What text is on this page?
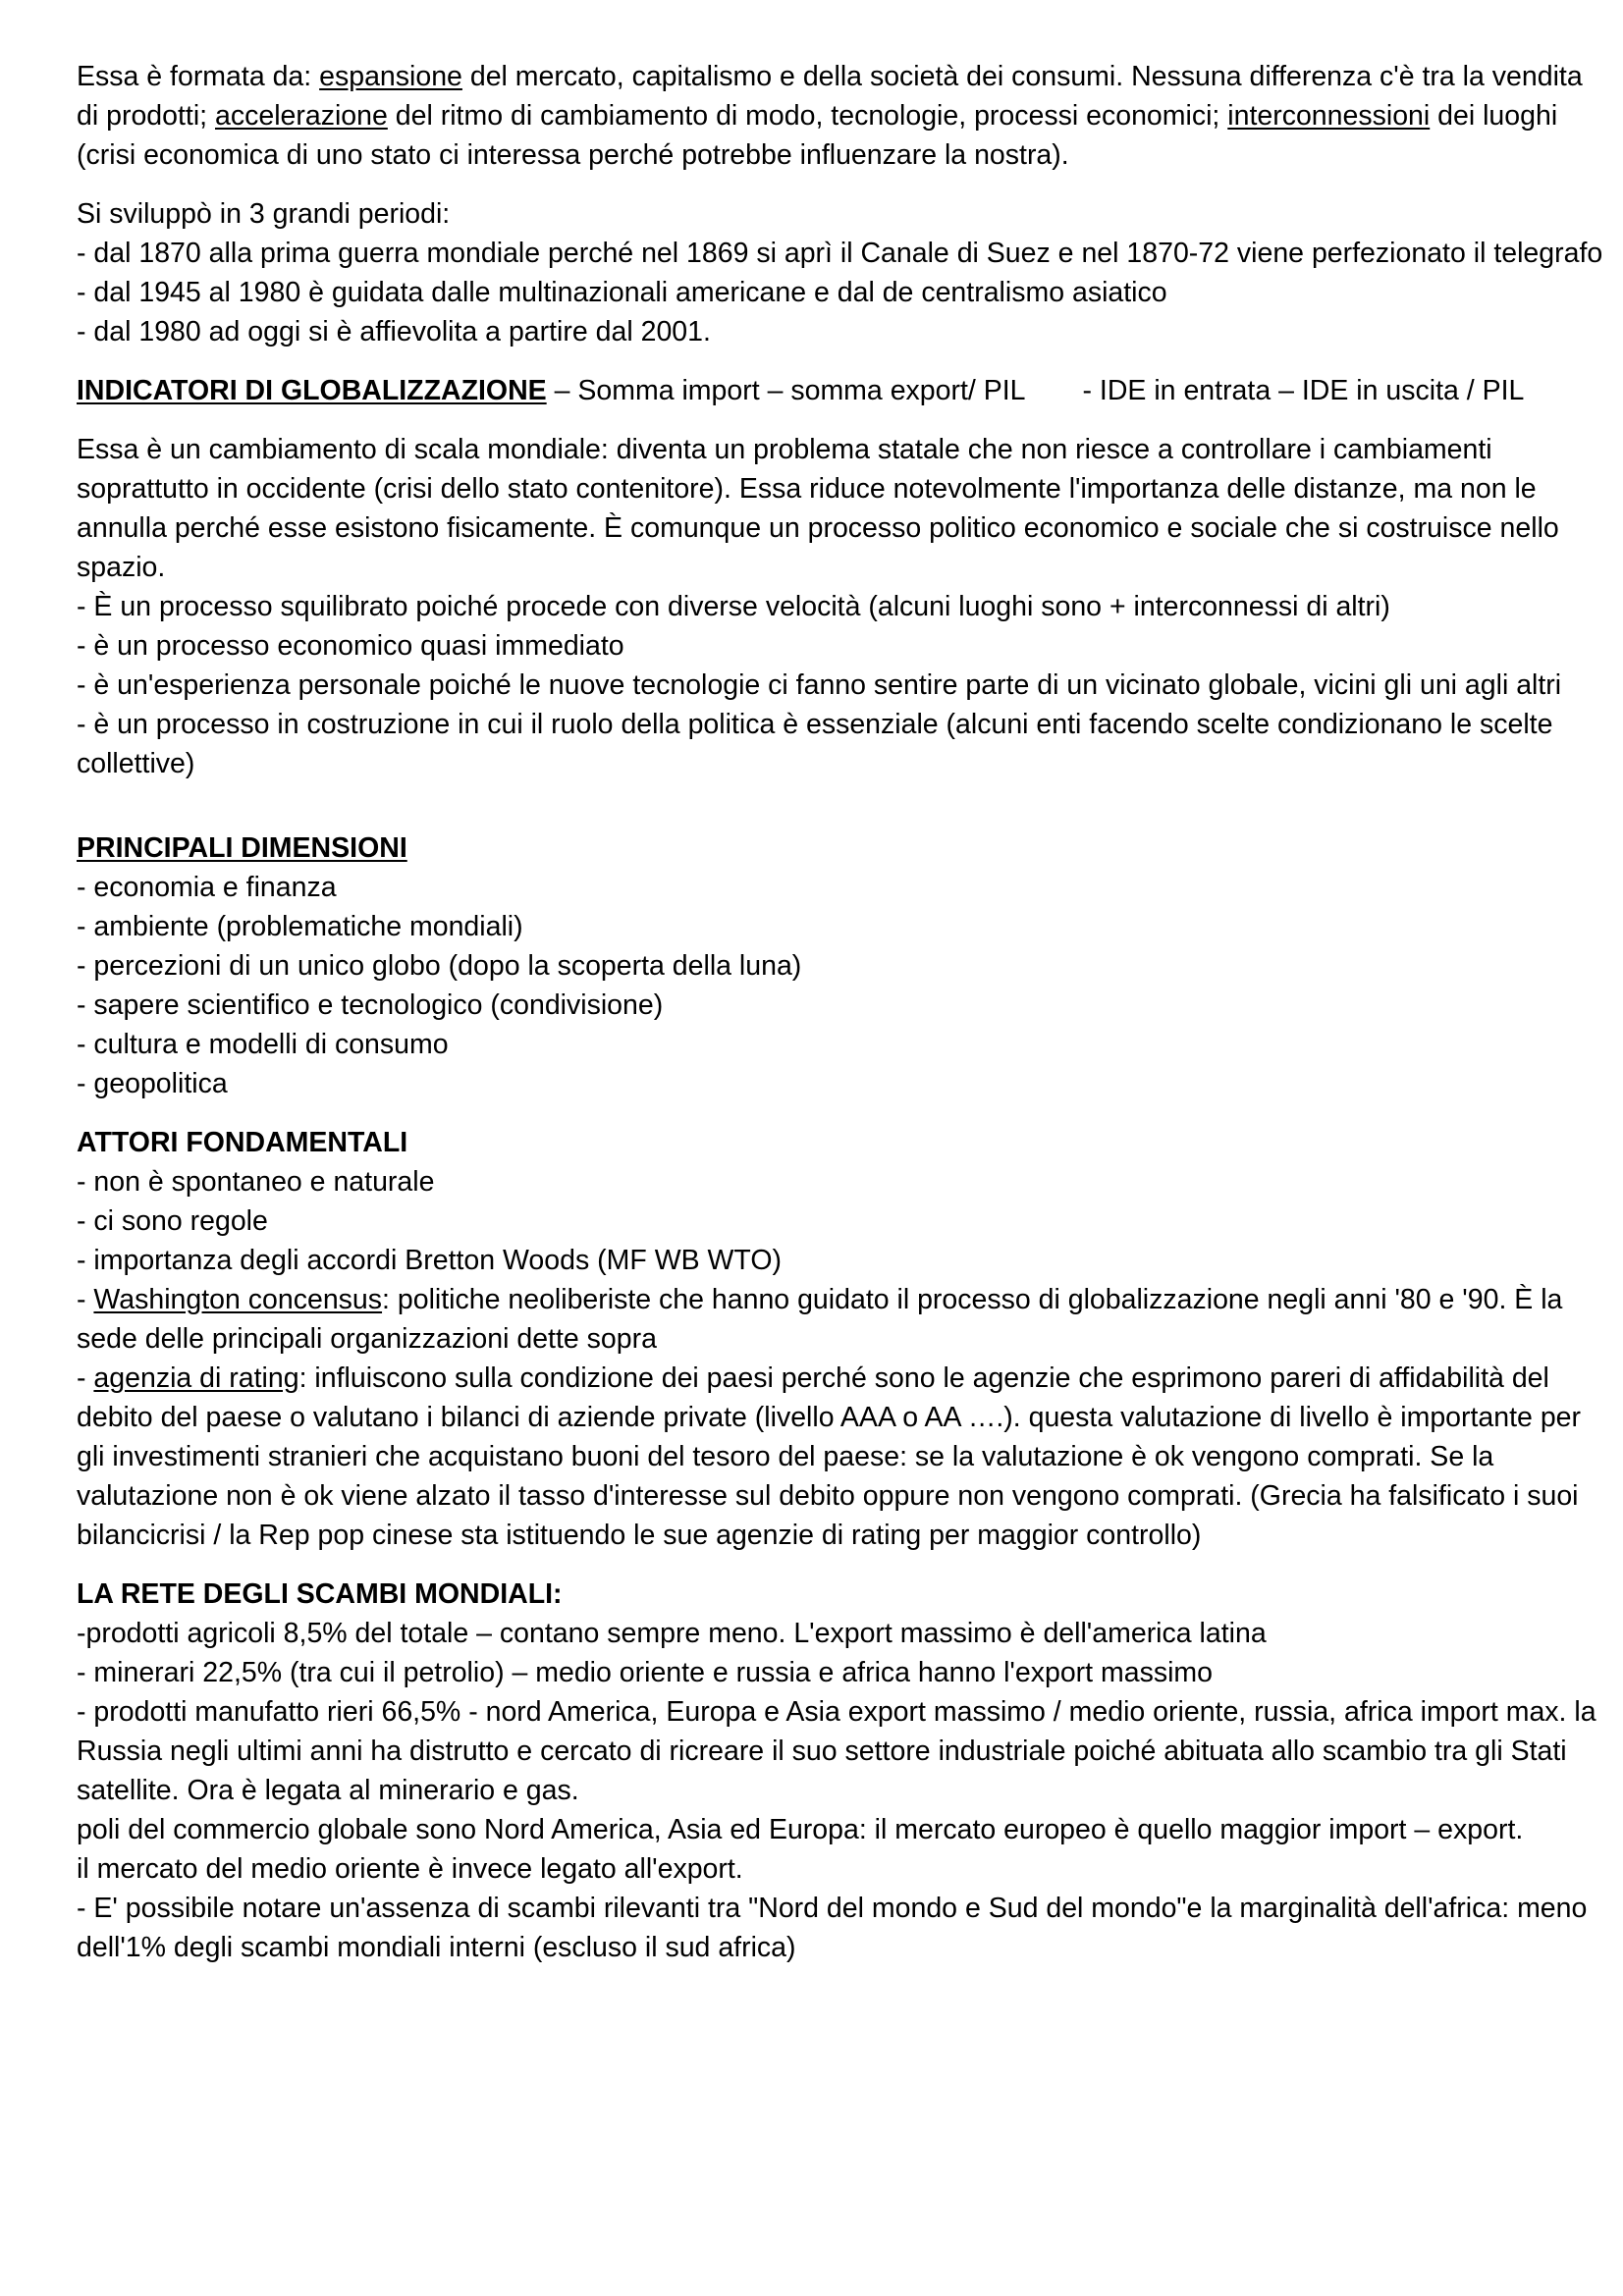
Essa è formata da: espansione del mercato, capitalismo e della società dei consumi. Nessuna differenza c'è tra la vendita di prodotti; accelerazione del ritmo di cambiamento di modo, tecnologie, processi economici; interconnessioni dei luoghi (crisi economica di uno stato ci interessa perché potrebbe influenzare la nostra).

Si sviluppò in 3 grandi periodi:

- dal 1870 alla prima guerra mondiale perché nel 1869 si aprì il Canale di Suez e nel 1870-72 viene perfezionato il telegrafo

- dal 1945 al 1980 è guidata dalle multinazionali americane e dal de centralismo asiatico

- dal 1980 ad oggi si è affievolita a partire dal 2001.

INDICATORI DI GLOBALIZZAZIONE – Somma import – somma export/ PIL - IDE in entrata – IDE in uscita / PIL

Essa è un cambiamento di scala mondiale: diventa un problema statale che non riesce a controllare i cambiamenti soprattutto in occidente (crisi dello stato contenitore). Essa riduce notevolmente l'importanza delle distanze, ma non le annulla perché esse esistono fisicamente. È comunque un processo politico economico e sociale che si costruisce nello spazio.

- È un processo squilibrato poiché procede con diverse velocità (alcuni luoghi sono + interconnessi di altri)

- è un processo economico quasi immediato

- è un'esperienza personale poiché le nuove tecnologie ci fanno sentire parte di un vicinato globale, vicini gli uni agli altri

- è un processo in costruzione in cui il ruolo della politica è essenziale (alcuni enti facendo scelte condizionano le scelte collettive)

PRINCIPALI DIMENSIONI

- economia e finanza

- ambiente (problematiche mondiali)

- percezioni di un unico globo (dopo la scoperta della luna)

- sapere scientifico e tecnologico (condivisione)

- cultura e modelli di consumo

- geopolitica

ATTORI FONDAMENTALI

- non è spontaneo e naturale

- ci sono regole

- importanza degli accordi Bretton Woods (MF WB WTO)

- Washington concensus: politiche neoliberiste che hanno guidato il processo di globalizzazione negli anni '80 e '90. È la sede delle principali organizzazioni dette sopra

- agenzia di rating: influiscono sulla condizione dei paesi perché sono le agenzie che esprimono pareri di affidabilità del debito del paese o valutano i bilanci di aziende private (livello AAA o AA ….). questa valutazione di livello è importante per gli investimenti stranieri che acquistano buoni del tesoro del paese: se la valutazione è ok vengono comprati. Se la valutazione non è ok viene alzato il tasso d'interesse sul debito oppure non vengono comprati. (Grecia ha falsificato i suoi bilancicrisi / la Rep pop cinese sta istituendo le sue agenzie di rating per maggior controllo)

LA RETE DEGLI SCAMBI MONDIALI:

-prodotti agricoli 8,5% del totale – contano sempre meno. L'export massimo è dell'america latina

- minerari 22,5% (tra cui il petrolio) – medio oriente e russia e africa hanno l'export massimo

- prodotti manufatto rieri 66,5% - nord America, Europa e Asia export massimo / medio oriente, russia, africa import max. la Russia negli ultimi anni ha distrutto e cercato di ricreare il suo settore industriale poiché abituata allo scambio tra gli Stati satellite. Ora è legata al minerario e gas.

poli del commercio globale sono Nord America, Asia ed Europa: il mercato europeo è quello maggior import – export.

il mercato del medio oriente è invece legato all'export.

- E' possibile notare un'assenza di scambi rilevanti tra "Nord del mondo e Sud del mondo"e la marginalità dell'africa: meno dell'1% degli scambi mondiali interni (escluso il sud africa)
